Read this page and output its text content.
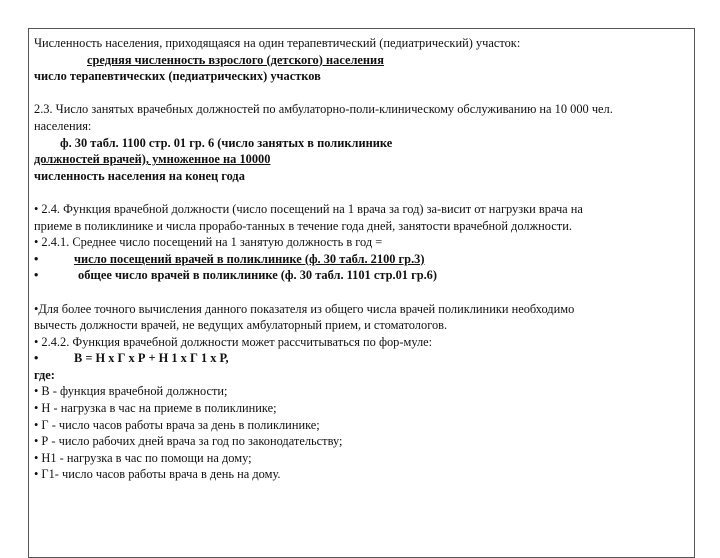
Численность населения, приходящаяся на один терапевтический (педиатрический) участок:
средняя численность взрослого (детского) населения
число терапевтических (педиатрических) участков
2.3. Число занятых врачебных должностей по амбулаторно-поли-клиническому обслуживанию на 10 000 чел.
населения:
ф. 30 табл. 1100 стр. 01 гр. 6 (число занятых в поликлинике
должностей врачей), умноженное на 10000
численность населения на конец года
• 2.4. Функция врачебной должности (число посещений на 1 врача за год) за-висит от нагрузки врача на
приеме в поликлинике и числа прорабо-танных в течение года дней, занятости врачебной должности.
• 2.4.1. Среднее число посещений на 1 занятую должность в год =
•	число посещений врачей в поликлинике (ф. 30 табл. 2100 гр.3)
•	общее число врачей в поликлинике (ф. 30 табл. 1101 стр.01 гр.6)
•Для более точного вычисления данного показателя из общего числа врачей поликлиники необходимо
вычесть должности врачей, не ведущих амбулаторный прием, и стоматологов.
• 2.4.2. Функция врачебной должности может рассчитываться по фор-муле:
•	В = Н х Г х Р + Н 1 х Г 1 х Р,
где:
• В - функция врачебной должности;
• Н - нагрузка в час на приеме в поликлинике;
• Г - число часов работы врача за день в поликлинике;
• Р - число рабочих дней врача за год по законодательству;
• Н1 - нагрузка в час по помощи на дому;
• Г1- число часов работы врача в день на дому.
